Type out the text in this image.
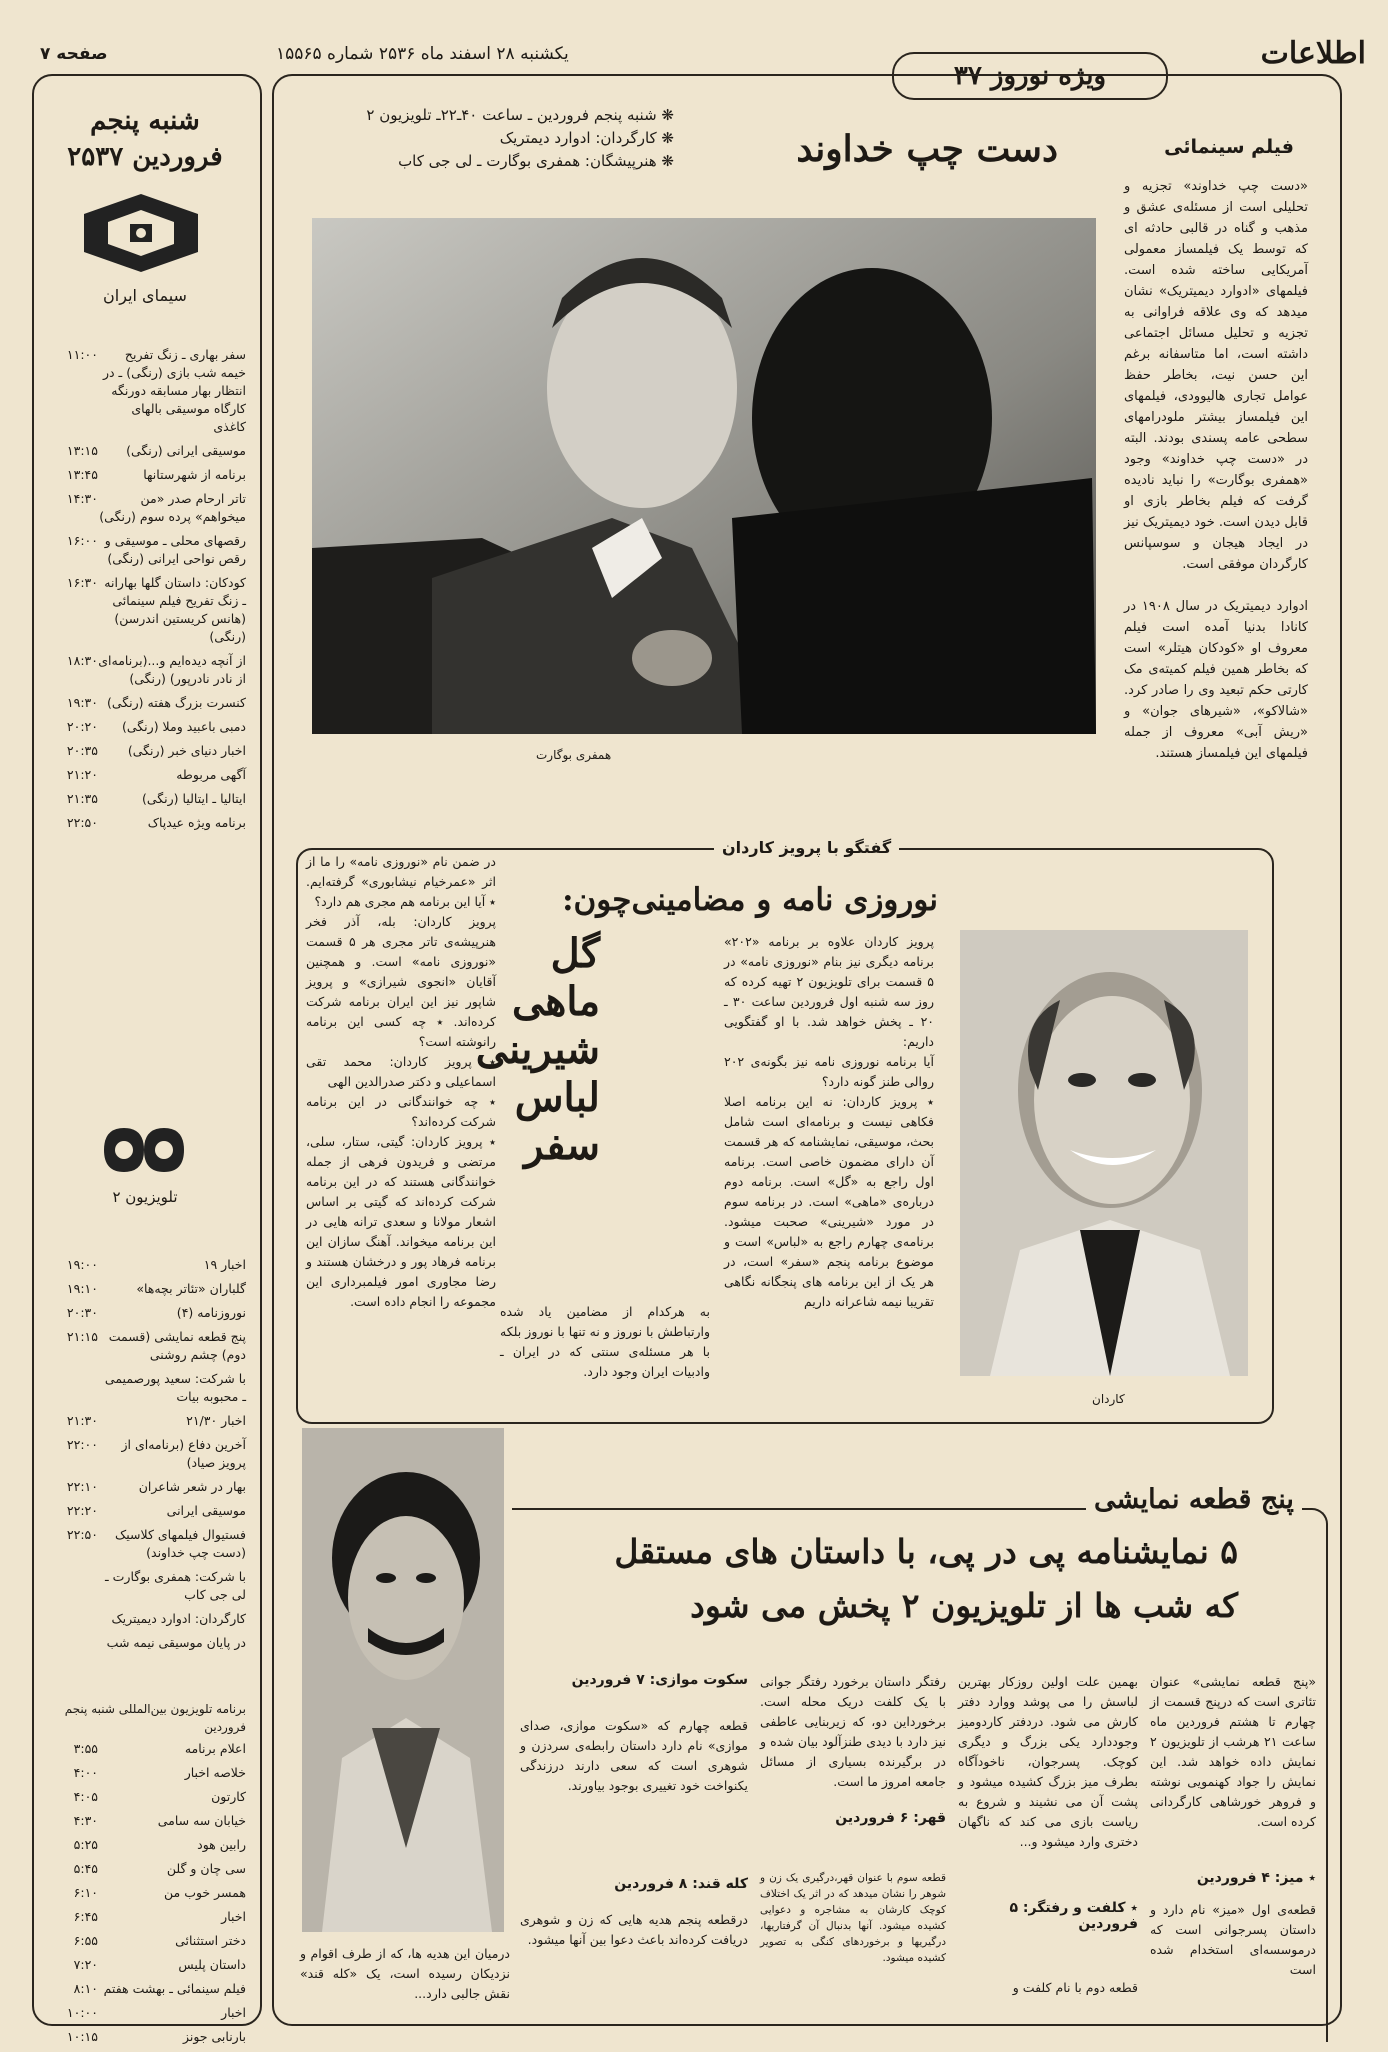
اطلاعات
ویژه نوروز ۳۷
یکشنبه ۲۸ اسفند ماه ۲۵۳۶ شماره ۱۵۵۶۵
صفحه ۷
فیلم سینمائی
دست چپ خداوند
❋ شنبه پنجم فروردین ـ ساعت ۴۰ـ۲۲ـ تلویزیون ۲
❋ کارگردان: ادوارد دیمتریک
❋ هنرپیشگان: همفری بوگارت ـ لی جی کاب
«دست چپ خداوند» تجزیه و تحلیلی است از مسئله‌ی عشق و مذهب و گناه در قالبی حادثه ای که توسط یک فیلمساز معمولی آمریکایی ساخته شده است. فیلمهای «ادوارد دیمیتریک» نشان میدهد که وی علاقه فراوانی به تجزیه و تحلیل مسائل اجتماعی داشته است، اما متاسفانه برغم این حسن نیت، بخاطر حفظ عوامل تجاری هالیوودی، فیلمهای این فیلمساز بیشتر ملودرامهای سطحی عامه پسندی بودند. البته در «دست چپ خداوند» وجود «همفری بوگارت» را نباید نادیده گرفت که فیلم بخاطر بازی او قابل دیدن است. خود دیمیتریک نیز در ایجاد هیجان و سوسپانس کارگردان موفقی است.
ادوارد دیمیتریک در سال ۱۹۰۸ در کانادا بدنیا آمده است فیلم معروف او «کودکان هیتلر» است که بخاطر همین فیلم کمیته‌ی مک کارتی حکم تبعید وی را صادر کرد. «شالاکو»، «شیرهای جوان» و «ریش آبی» معروف از جمله فیلمهای این فیلمساز هستند.
همفری بوگارت
گفتگو با پرویز کاردان
نوروزی نامه و مضامینی‌چون:
گل
ماهی
شیرینی
لباس
سفر
کاردان
پرویز کاردان علاوه بر برنامه «۲۰۲» برنامه دیگری نیز بنام «نوروزی نامه» در ۵ قسمت برای تلویزیون ۲ تهیه کرده که روز سه شنبه اول فروردین ساعت ۳۰ ـ ۲۰ ـ پخش خواهد شد. با او گفتگویی داریم:
آیا برنامه نوروزی نامه نیز بگونه‌ی ۲۰۲ روالی طنز گونه دارد؟
٭ پرویز کاردان: نه این برنامه اصلا فکاهی نیست و برنامه‌ای است شامل بحث، موسیقی، نمایشنامه که هر قسمت آن دارای مضمون خاصی است. برنامه اول راجع به «گل» است. برنامه دوم درباره‌ی «ماهی» است. در برنامه سوم در مورد «شیرینی» صحبت میشود. برنامه‌ی چهارم راجع به «لباس» است و موضوع برنامه پنجم «سفر» است، در هر یک از این برنامه های پنجگانه نگاهی تقریبا نیمه شاعرانه داریم
به هرکدام از مضامین یاد شده وارتباطش با نوروز و نه تنها با نوروز بلکه با هر مسئله‌ی سنتی که در ایران ـ وادبیات ایران وجود دارد.
در ضمن نام «نوروزی نامه» را ما از اثر «عمرخیام نیشابوری» گرفته‌ایم. ٭ آیا این برنامه هم مجری هم دارد؟
پرویز کاردان: بله، آذر فخر هنرپیشه‌ی تاتر مجری هر ۵ قسمت «نوروزی نامه» است. و همچنین آقایان «انجوی شیرازی» و پرویز شاپور نیز این ایران برنامه شرکت کرده‌اند. ٭ چه کسی این برنامه رانوشته است؟
٭ پرویز کاردان: محمد تقی اسماعیلی و دکتر صدرالدین الهی
٭ چه خوانندگانی در این برنامه شرکت کرده‌اند؟
٭ پرویز کاردان: گیتی، ستار، سلی، مرتضی و فریدون فرهی از جمله خوانندگانی هستند که در این برنامه شرکت کرده‌اند که گیتی بر اساس اشعار مولانا و سعدی ترانه هایی در این برنامه میخواند. آهنگ سازان این برنامه فرهاد پور و درخشان هستند و رضا مجاوری امور فیلمبرداری این مجموعه را انجام داده است.
پنج قطعه نمایشی
۵ نمایشنامه پی در پی، با داستان های مستقل
که شب ها از تلویزیون ۲ پخش می شود
«پنج قطعه نمایشی» عنوان تئاتری است که درپنج قسمت از چهارم تا هشتم فروردین ماه ساعت ۲۱ هرشب از تلویزیون ۲ نمایش داده خواهد شد. این نمایش را جواد کهنمویی نوشته و فروهر خورشاهی کارگردانی کرده است.
٭ میز: ۴ فروردین
قطعه‌ی اول «میز» نام دارد و داستان پسرجوانی است که درموسسه‌ای استخدام شده است
بهمین علت اولین روزکار بهترین لباسش را می پوشد ووارد دفتر کارش می شود. دردفتر کاردومیز وجوددارد یکی بزرگ و دیگری کوچک. پسرجوان، ناخودآگاه بطرف میز بزرگ کشیده میشود و پشت آن می نشیند و شروع به ریاست بازی می کند که ناگهان دختری وارد میشود و...
٭ کلفت و رفتگر: ۵ فروردین
قطعه دوم با نام کلفت و
رفتگر داستان برخورد رفتگر جوانی با یک کلفت دریک محله است. برخورداین دو، که زیربنایی عاطفی نیز دارد با دیدی طنزآلود بیان شده و در برگیرنده بسیاری از مسائل جامعه امروز ما است.
قهر: ۶ فروردین
قطعه سوم با عنوان قهر،درگیری یک زن و شوهر را نشان میدهد که در اثر یک اختلاف کوچک کارشان به مشاجره و دعوایی کشیده میشود. آنها بدنبال آن گرفتاریها، درگیریها و برخوردهای کنگی به تصویر کشیده میشود.
سکوت موازی: ۷ فروردین
قطعه چهارم که «سکوت موازی، صدای موازی» نام دارد داستان رابطه‌ی سردزن و شوهری است که سعی دارند درزندگی یکنواخت خود تغییری بوجود بیاورند.
کله قند: ۸ فروردین
درقطعه پنجم هدیه هایی که زن و شوهری دریافت کرده‌اند باعث دعوا بین آنها میشود.
درمیان این هدیه ها، که از طرف اقوام و نزدیکان رسیده است، یک «کله قند» نقش جالبی دارد...
شنبه پنجم
فروردین ۲۵۳۷
سیمای ایران
سفر بهاری ـ زنگ تفریح خیمه شب بازی (رنگی) ـ در انتظار بهار مسابقه دورنگه کارگاه موسیقی بالهای کاغذی
۱۱:۰۰
موسیقی ایرانی (رنگی)
۱۳:۱۵
برنامه از شهرستانها
۱۳:۴۵
تاتر ارحام صدر «من میخواهم» پرده سوم (رنگی)
۱۴:۳۰
رقصهای محلی ـ موسیقی و رقص نواحی ایرانی (رنگی)
۱۶:۰۰
کودکان: داستان گلها بهارانه ـ زنگ تفریح فیلم سینمائی (هانس کریستین اندرسن) (رنگی)
۱۶:۳۰
از آنچه دیده‌ایم و...(برنامه‌ای از نادر نادرپور) (رنگی)
۱۸:۳۰
کنسرت بزرگ هفته (رنگی)
۱۹:۳۰
دمبی باعبید وملا (رنگی)
۲۰:۲۰
اخبار دنیای خبر (رنگی)
۲۰:۳۵
آگهی مربوطه
۲۱:۲۰
ایتالیا ـ ایتالیا (رنگی)
۲۱:۳۵
برنامه ویژه عیدپاک
۲۲:۵۰
تلویزیون ۲
اخبار ۱۹
۱۹:۰۰
گلباران «تئاتر بچه‌ها»
۱۹:۱۰
نوروزنامه (۴)
۲۰:۳۰
پنج قطعه نمایشی (قسمت دوم) چشم روشنی
۲۱:۱۵
با شرکت: سعید پورصمیمی ـ محبوبه بیات
اخبار ۲۱/۳۰
۲۱:۳۰
آخرین دفاع (برنامه‌ای از پرویز صیاد)
۲۲:۰۰
بهار در شعر شاعران
۲۲:۱۰
موسیقی ایرانی
۲۲:۲۰
فستیوال فیلمهای کلاسیک (دست چپ خداوند)
۲۲:۵۰
با شرکت: همفری بوگارت ـ لی جی کاب
کارگردان: ادوارد دیمیتریک
در پایان موسیقی نیمه شب
برنامه تلویزیون بین‌المللی شنبه پنجم فروردین
اعلام برنامه
۳:۵۵
خلاصه اخبار
۴:۰۰
کارتون
۴:۰۵
خیابان سه سامی
۴:۳۰
رابین هود
۵:۲۵
سی چان و گلن
۵:۴۵
همسر خوب من
۶:۱۰
اخبار
۶:۴۵
دختر استثنائی
۶:۵۵
داستان پلیس
۷:۲۰
فیلم سینمائی ـ بهشت هفتم
۸:۱۰
اخبار
۱۰:۰۰
بارنابی جونز
۱۰:۱۵
